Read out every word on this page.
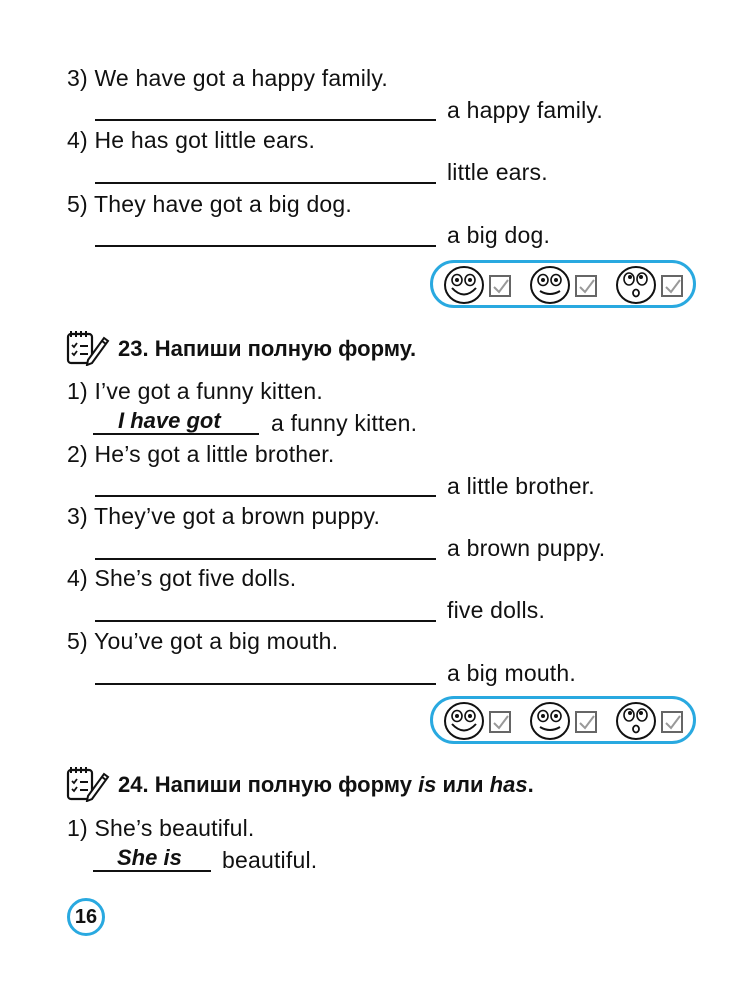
3) We have got a happy family.
a happy family.
4) He has got little ears.
little ears.
5) They have got a big dog.
a big dog.
23. Напиши полную форму.
1) I’ve got a funny kitten.
I have got a funny kitten.
2) He’s got a little brother.
a little brother.
3) They’ve got a brown puppy.
a brown puppy.
4) She’s got five dolls.
five dolls.
5) You’ve got a big mouth.
a big mouth.
24. Напиши полную форму is или has.
1) She’s beautiful.
She is beautiful.
16
